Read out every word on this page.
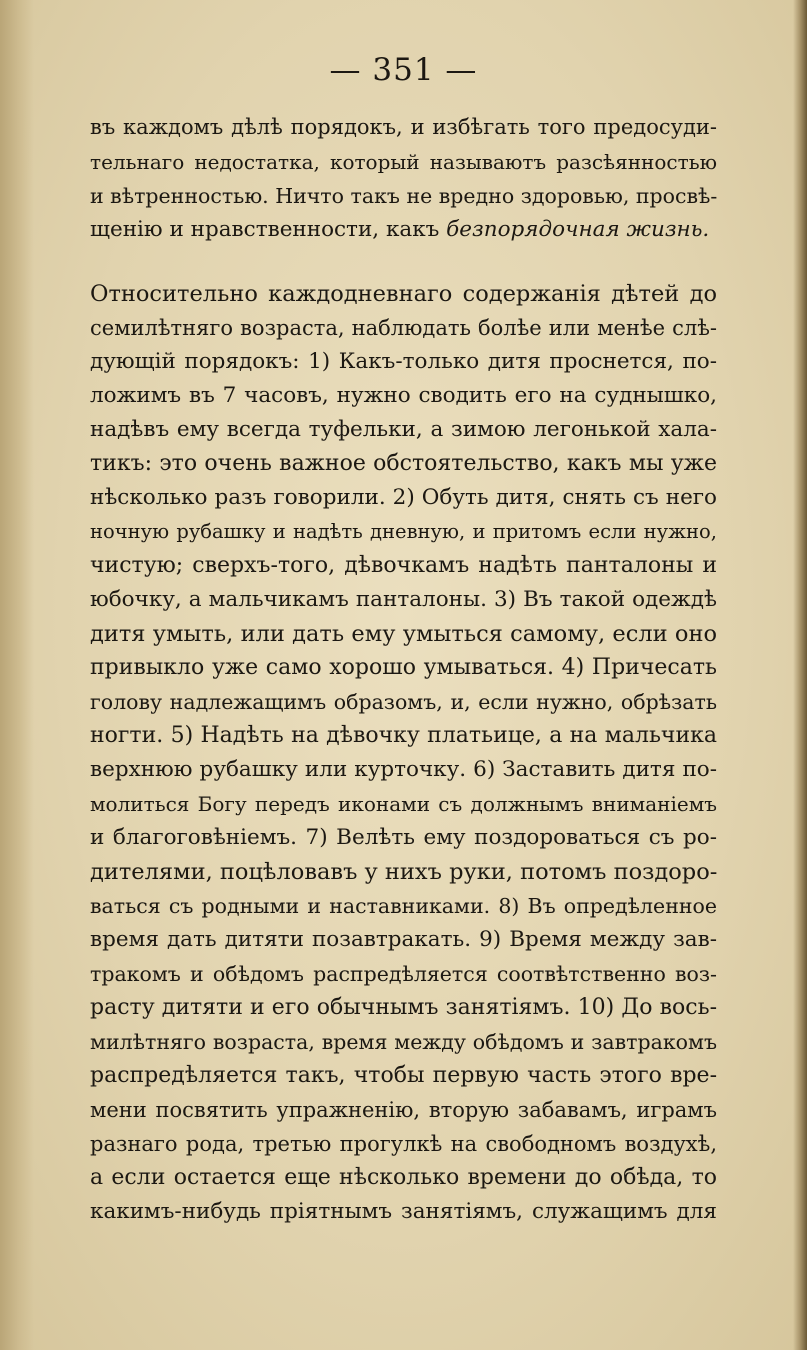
— 351 —
въ каждомъ дѣлѣ порядокъ, и избѣгать того предосуди-
тельнаго недостатка, который называютъ разсѣянностью
и вѣтренностью. Ничто такъ не вредно здоровью, просвѣ-
щенію и нравственности, какъ безпорядочная жизнь.
Относительно каждодневнаго содержанія дѣтей до
семилѣтняго возраста, наблюдать болѣе или менѣе слѣ-
дующій порядокъ: 1) Какъ-только дитя проснется, по-
ложимъ въ 7 часовъ, нужно сводить его на суднышко,
надѣвъ ему всегда туфельки, а зимою легонькой хала-
тикъ: это очень важное обстоятельство, какъ мы уже
нѣсколько разъ говорили. 2) Обуть дитя, снять съ него
ночную рубашку и надѣть дневную, и притомъ если нужно,
чистую; сверхъ-того, дѣвочкамъ надѣть панталоны и
юбочку, а мальчикамъ панталоны. 3) Въ такой одеждѣ
дитя умыть, или дать ему умыться самому, если оно
привыкло уже само хорошо умываться. 4) Причесать
голову надлежащимъ образомъ, и, если нужно, обрѣзать
ногти. 5) Надѣть на дѣвочку платьице, а на мальчика
верхнюю рубашку или курточку. 6) Заставить дитя по-
молиться Богу передъ иконами съ должнымъ вниманіемъ
и благоговѣніемъ. 7) Велѣть ему поздороваться съ ро-
дителями, поцѣловавъ у нихъ руки, потомъ поздоро-
ваться съ родными и наставниками. 8) Въ опредѣленное
время дать дитяти позавтракать. 9) Время между зав-
тракомъ и обѣдомъ распредѣляется соотвѣтственно воз-
расту дитяти и его обычнымъ занятіямъ. 10) До вось-
милѣтняго возраста, время между обѣдомъ и завтракомъ
распредѣляется такъ, чтобы первую часть этого вре-
мени посвятить упражненію, вторую забавамъ, играмъ
разнаго рода, третью прогулкѣ на свободномъ воздухѣ,
а если остается еще нѣсколько времени до обѣда, то
какимъ-нибудь пріятнымъ занятіямъ, служащимъ для
